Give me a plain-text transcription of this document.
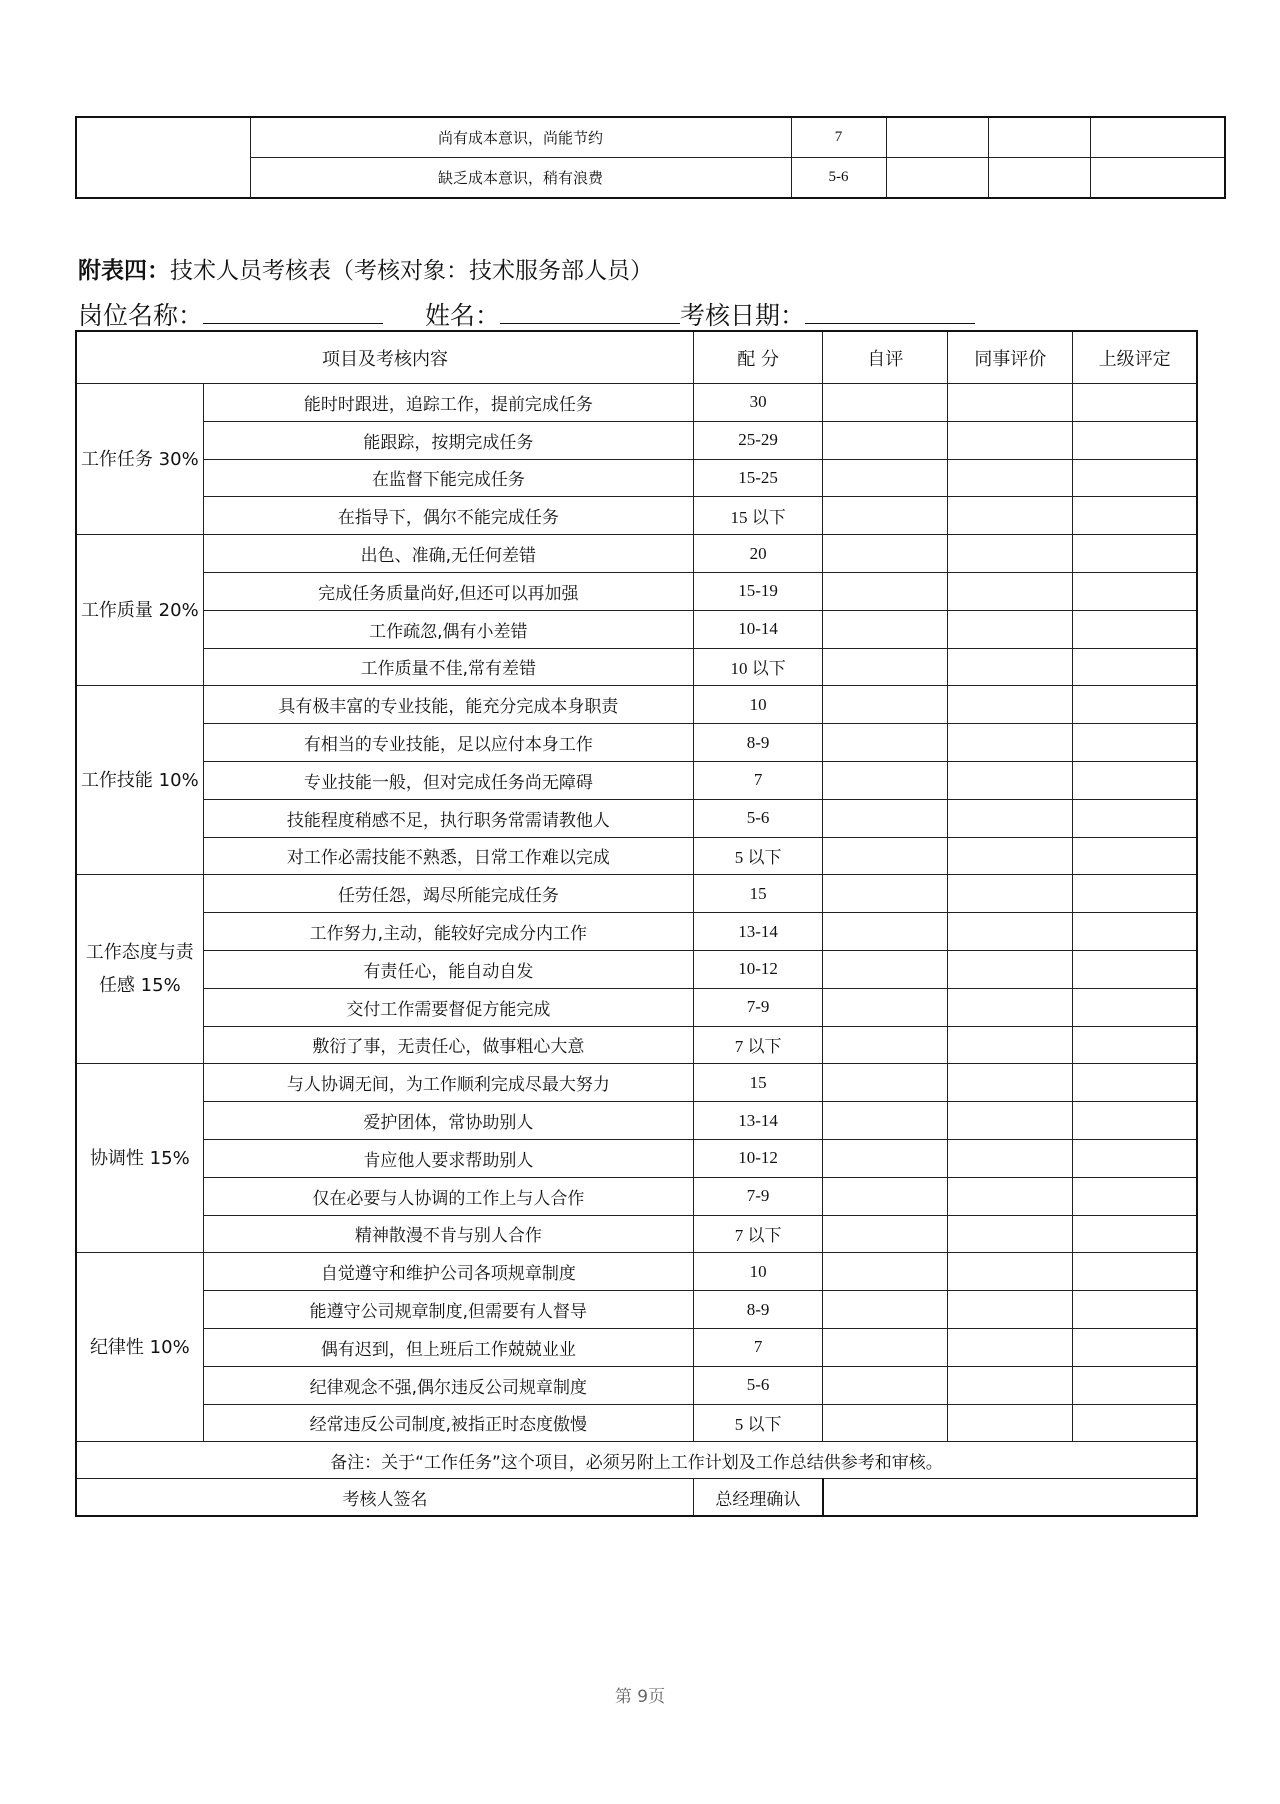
	尚有成本意识，尚能节约	7			
	缺乏成本意识，稍有浪费	5-6			
附表四：技术人员考核表（考核对象：技术服务部人员）
岗位名称：	姓名：	考核日期：
项目及考核内容		配 分	自评	同事评价	上级评定
工作任务 30%	能时时跟进，追踪工作，提前完成任务	30			
	能跟踪，按期完成任务	25-29			
	在监督下能完成任务	15-25			
	在指导下，偶尔不能完成任务	15 以下			
工作质量 20%	出色、准确,无任何差错	20			
	完成任务质量尚好,但还可以再加强	15-19			
	工作疏忽,偶有小差错	10-14			
	工作质量不佳,常有差错	10 以下			
工作技能 10%	具有极丰富的专业技能，能充分完成本身职责	10			
	有相当的专业技能，足以应付本身工作	8-9			
	专业技能一般，但对完成任务尚无障碍	7			
	技能程度稍感不足，执行职务常需请教他人	5-6			
	对工作必需技能不熟悉，日常工作难以完成	5 以下			
工作态度与责任感 15%	任劳任怨，竭尽所能完成任务	15			
	工作努力,主动，能较好完成分内工作	13-14			
	有责任心，能自动自发	10-12			
	交付工作需要督促方能完成	7-9			
	敷衍了事，无责任心，做事粗心大意	7 以下			
协调性 15%	与人协调无间，为工作顺利完成尽最大努力	15			
	爱护团体，常协助别人	13-14			
	肯应他人要求帮助别人	10-12			
	仅在必要与人协调的工作上与人合作	7-9			
	精神散漫不肯与别人合作	7 以下			
纪律性 10%	自觉遵守和维护公司各项规章制度	10			
	能遵守公司规章制度,但需要有人督导	8-9			
	偶有迟到，但上班后工作兢兢业业	7			
	纪律观念不强,偶尔违反公司规章制度	5-6			
	经常违反公司制度,被指正时态度傲慢	5 以下			
备注：关于“工作任务”这个项目，必须另附上工作计划及工作总结供参考和审核。					
考核人签名		总经理确认			
第 9页
